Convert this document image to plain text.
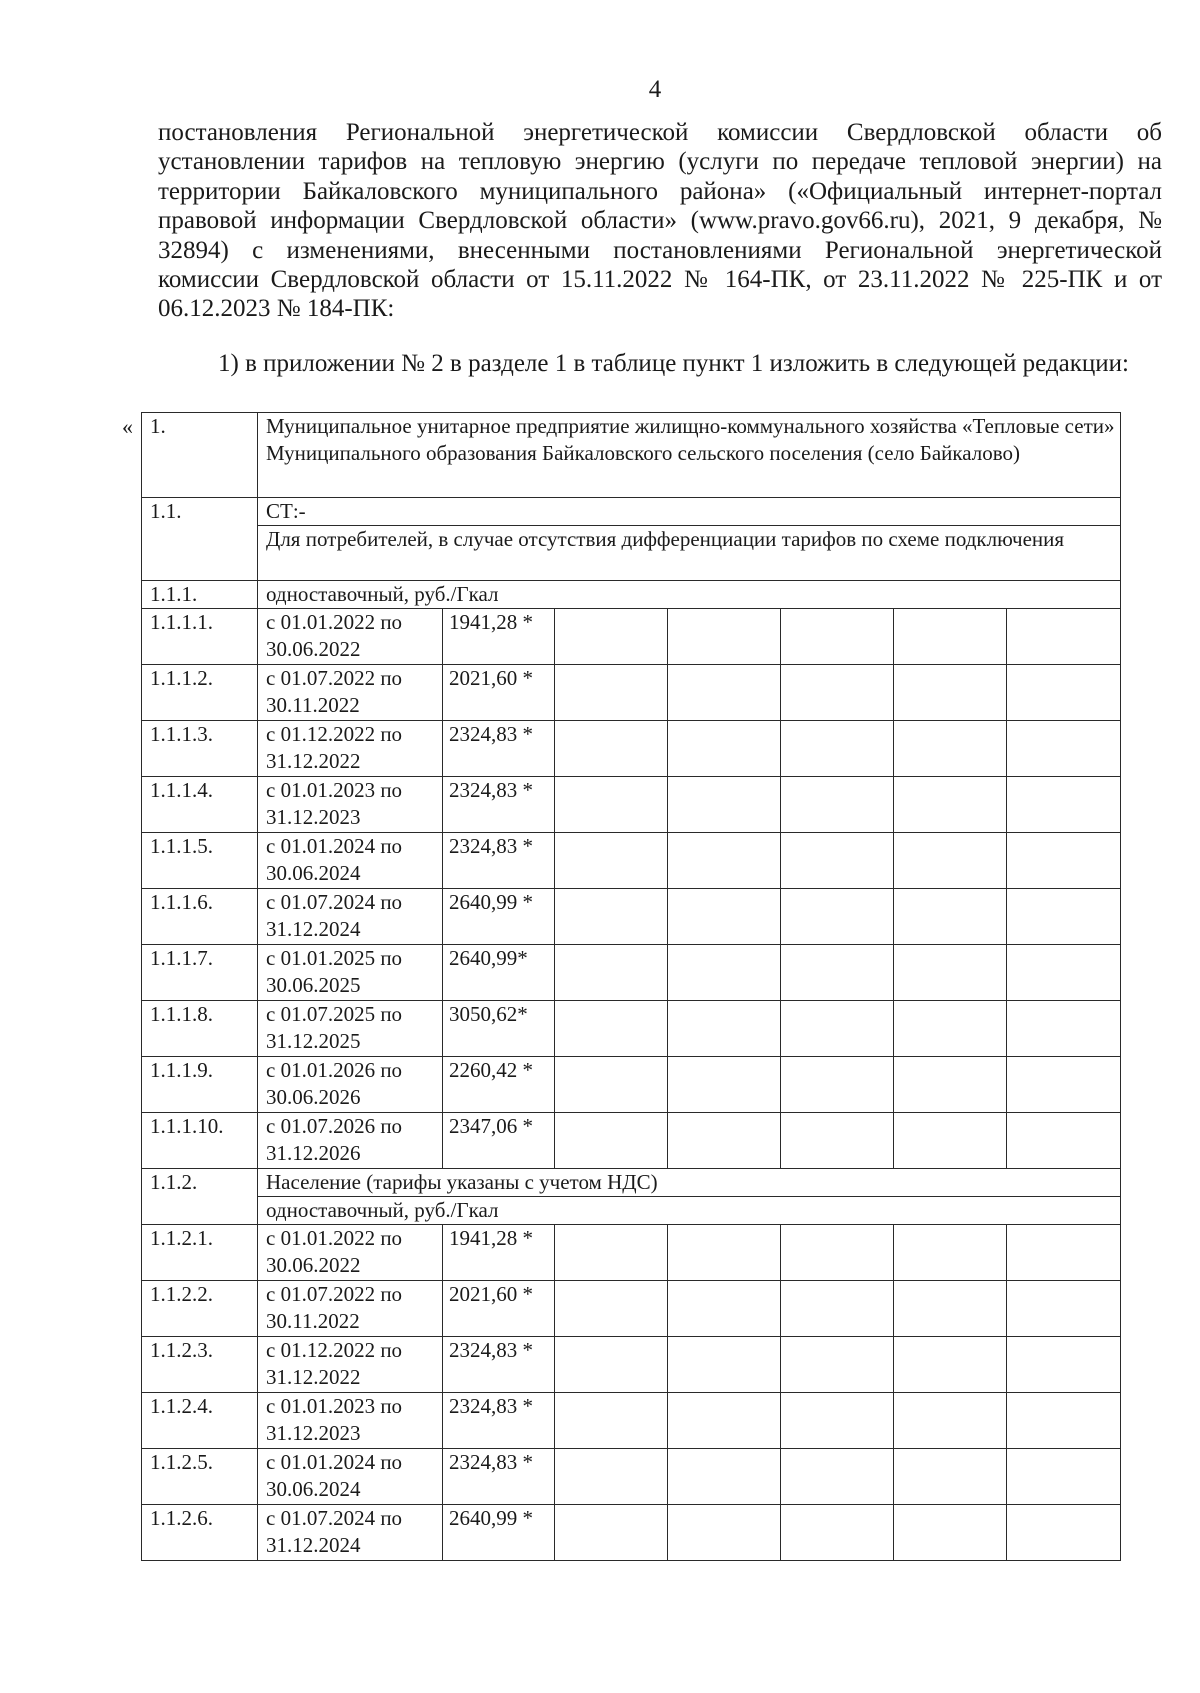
4
постановления Региональной энергетической комиссии Свердловской области об установлении тарифов на тепловую энергию (услуги по передаче тепловой энергии) на территории Байкаловского муниципального района» («Официальный интернет-портал правовой информации Свердловской области» (www.pravo.gov66.ru), 2021, 9 декабря, № 32894) с изменениями, внесенными постановлениями Региональной энергетической комиссии Свердловской области от 15.11.2022 № 164-ПК, от 23.11.2022 № 225-ПК и от 06.12.2023 № 184-ПК:
1) в приложении № 2 в разделе 1 в таблице пункт 1 изложить в следующей редакции:
« 1.	Муниципальное унитарное предприятие жилищно-коммунального хозяйства «Тепловые сети» Муниципального образования Байкаловского сельского поселения (село Байкалово)						
1.1.	СТ:-						
	Для потребителей, в случае отсутствия дифференциации тарифов по схеме подключения						
1.1.1.	одноставочный, руб./Гкал						
1.1.1.1.	с 01.01.2022 по 30.06.2022	1941,28 *					
1.1.1.2.	с 01.07.2022 по 30.11.2022	2021,60 *					
1.1.1.3.	с 01.12.2022 по 31.12.2022	2324,83 *					
1.1.1.4.	с 01.01.2023 по 31.12.2023	2324,83 *					
1.1.1.5.	с 01.01.2024 по 30.06.2024	2324,83 *					
1.1.1.6.	с 01.07.2024 по 31.12.2024	2640,99 *					
1.1.1.7.	с 01.01.2025 по 30.06.2025	2640,99*					
1.1.1.8.	с 01.07.2025 по 31.12.2025	3050,62*					
1.1.1.9.	с 01.01.2026 по 30.06.2026	2260,42 *					
1.1.1.10.	с 01.07.2026 по 31.12.2026	2347,06 *					
1.1.2.	Население (тарифы указаны с учетом НДС)						
	одноставочный, руб./Гкал						
1.1.2.1.	с 01.01.2022 по 30.06.2022	1941,28 *					
1.1.2.2.	с 01.07.2022 по 30.11.2022	2021,60 *					
1.1.2.3.	с 01.12.2022 по 31.12.2022	2324,83 *					
1.1.2.4.	с 01.01.2023 по 31.12.2023	2324,83 *					
1.1.2.5.	с 01.01.2024 по 30.06.2024	2324,83 *					
1.1.2.6.	с 01.07.2024 по 31.12.2024	2640,99 *					
